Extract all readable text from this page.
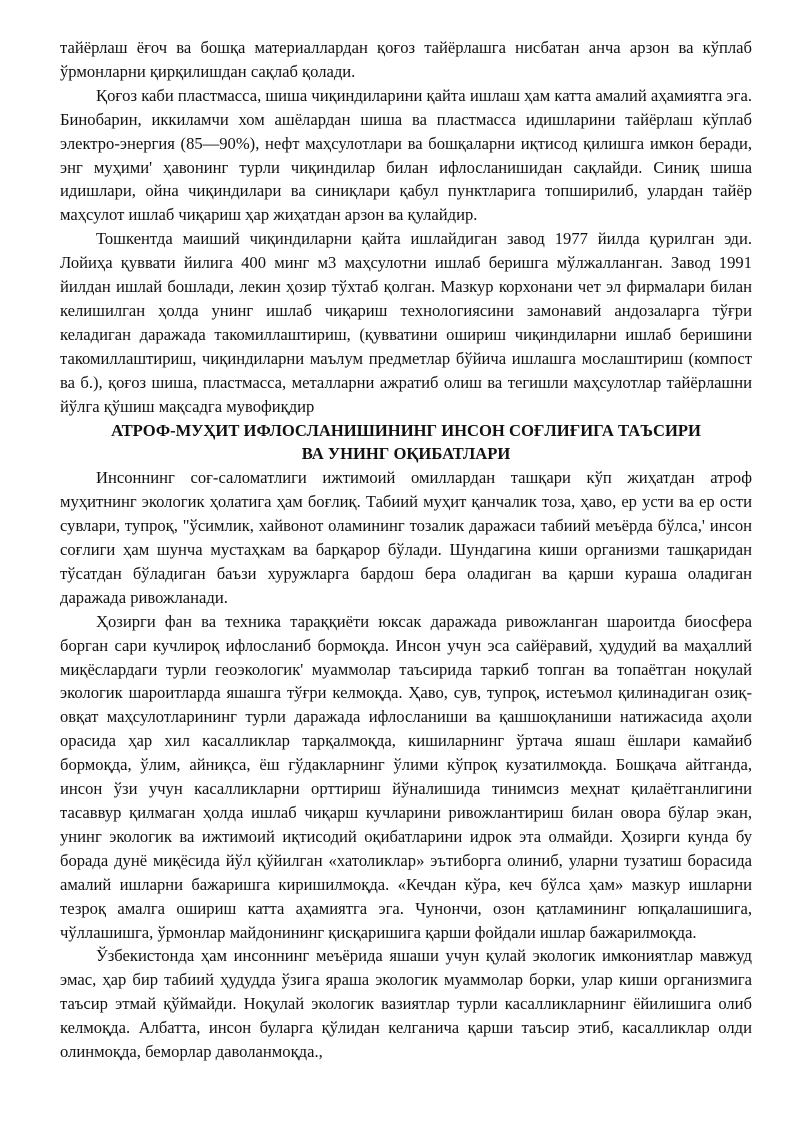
тайёрлаш ёғоч ва бошқа материаллардан қоғоз тайёрлашга нисбатан анча арзон ва кўплаб ўрмонларни қирқилишдан сақлаб қолади.

Қоғоз каби пластмасса, шиша чиқиндиларини қайта ишлаш ҳам катта амалий аҳамиятга эга. Бинобарин, иккиламчи хом ашёлардан шиша ва пластмасса идишларини тайёрлаш кўплаб электро-энергия (85—90%), нефт маҳсулотлари ва бошқаларни иқтисод қилишга имкон беради, энг муҳими' ҳавонинг турли чиқиндилар билан ифлосланишидан сақлайди. Синиқ шиша идишлари, ойна чиқиндилари ва синиқлари қабул пунктларига топширилиб, улардан тайёр маҳсулот ишлаб чиқариш ҳар жиҳатдан арзон ва қулайдир.

Тошкентда маиший чиқиндиларни қайта ишлайдиган завод 1977 йилда қурилган эди. Лойиҳа қуввати йилига 400 минг м3 маҳсулотни ишлаб беришга мўлжалланган. Завод 1991 йилдан ишлай бошлади, лекин ҳозир тўхтаб қолган. Мазкур корхонани чет эл фирмалари билан келишилган ҳолда унинг ишлаб чиқариш технологиясини замонавий андозаларга тўғри келадиган даражада такомиллаштириш, (қувватини ошириш чиқиндиларни ишлаб беришини такомиллаштириш, чиқиндиларни маълум предметлар бўйича ишлашга мослаштириш (компост ва б.), қоғоз шиша, пластмасса, металларни ажратиб олиш ва тегишли маҳсулотлар тайёрлашни йўлга қўшиш мақсадга мувофиқдир

АТРОФ-МУҲИТ ИФЛОСЛАНИШИНИНГ ИНСОН СОҒЛИҒИГА ТАЪСИРИ
ВА УНИНГ ОҚИБАТЛАРИ

Инсоннинг соғ-саломатлиги ижтимоий омиллардан ташқари кўп жиҳатдан атроф муҳитнинг экологик ҳолатига ҳам боғлиқ. Табиий муҳит қанчалик тоза, ҳаво, ер усти ва ер ости сувлари, тупроқ, "ўсимлик, хайвонот оламининг тозалик даражаси табиий меъёрда бўлса,' инсон соғлиги ҳам шунча мустаҳкам ва барқарор бўлади. Шундагина киши организми ташқаридан тўсатдан бўладиган баъзи хуружларга бардош бера оладиган ва қарши кураша оладиган даражада ривожланади.

Ҳозирги фан ва техника тараққиёти юксак даражада ривожланган шароитда биосфера борган сари кучлироқ ифлосланиб бормоқда. Инсон учун эса сайёравий, ҳудудий ва маҳаллий миқёслардаги турли геоэкологик' муаммолар таъсирида таркиб топган ва топаётган ноқулай экологик шароитларда яшашга тўғри келмоқда. Ҳаво, сув, тупроқ, истеъмол қилинадиган озиқ-овқат маҳсулотларининг турли даражада ифлосланиши ва қашшоқланиши натижасида аҳоли орасида ҳар хил касалликлар тарқалмоқда, кишиларнинг ўртача яшаш ёшлари камайиб бормоқда, ўлим, айниқса, ёш гўдакларнинг ўлими кўпроқ кузатилмоқда. Бошқача айтганда, инсон ўзи учун касалликларни орттириш йўналишида тинимсиз меҳнат қилаётганлигини тасаввур қилмаган ҳолда ишлаб чиқарш кучларини ривожлантириш билан овора бўлар экан, унинг экологик ва ижтимоий иқтисодий оқибатларини идрок эта олмайди. Ҳозирги кунда бу борада дунё миқёсида йўл қўйилган «хатоликлар» эътиборга олиниб, уларни тузатиш борасида амалий ишларни бажаришга киришилмоқда. «Кечдан кўра, кеч бўлса ҳам» мазкур ишларни тезроқ амалга ошириш катта аҳамиятга эга. Чунончи, озон қатламининг юпқалашишига, чўллашишга, ўрмонлар майдонининг қисқаришига қарши фойдали ишлар бажарилмоқда.

Ўзбекистонда ҳам инсоннинг меъёрида яшаши учун қулай экологик имкониятлар мавжуд эмас, ҳар бир табиий ҳудудда ўзига яраша экологик муаммолар борки, улар киши организмига таъсир этмай қўймайди. Ноқулай экологик вазиятлар турли касалликларнинг ёйилишига олиб келмоқда. Албатта, инсон буларга қўлидан келганича қарши таъсир этиб, касалликлар олди олинмоқда, беморлар даволанмоқда.,
